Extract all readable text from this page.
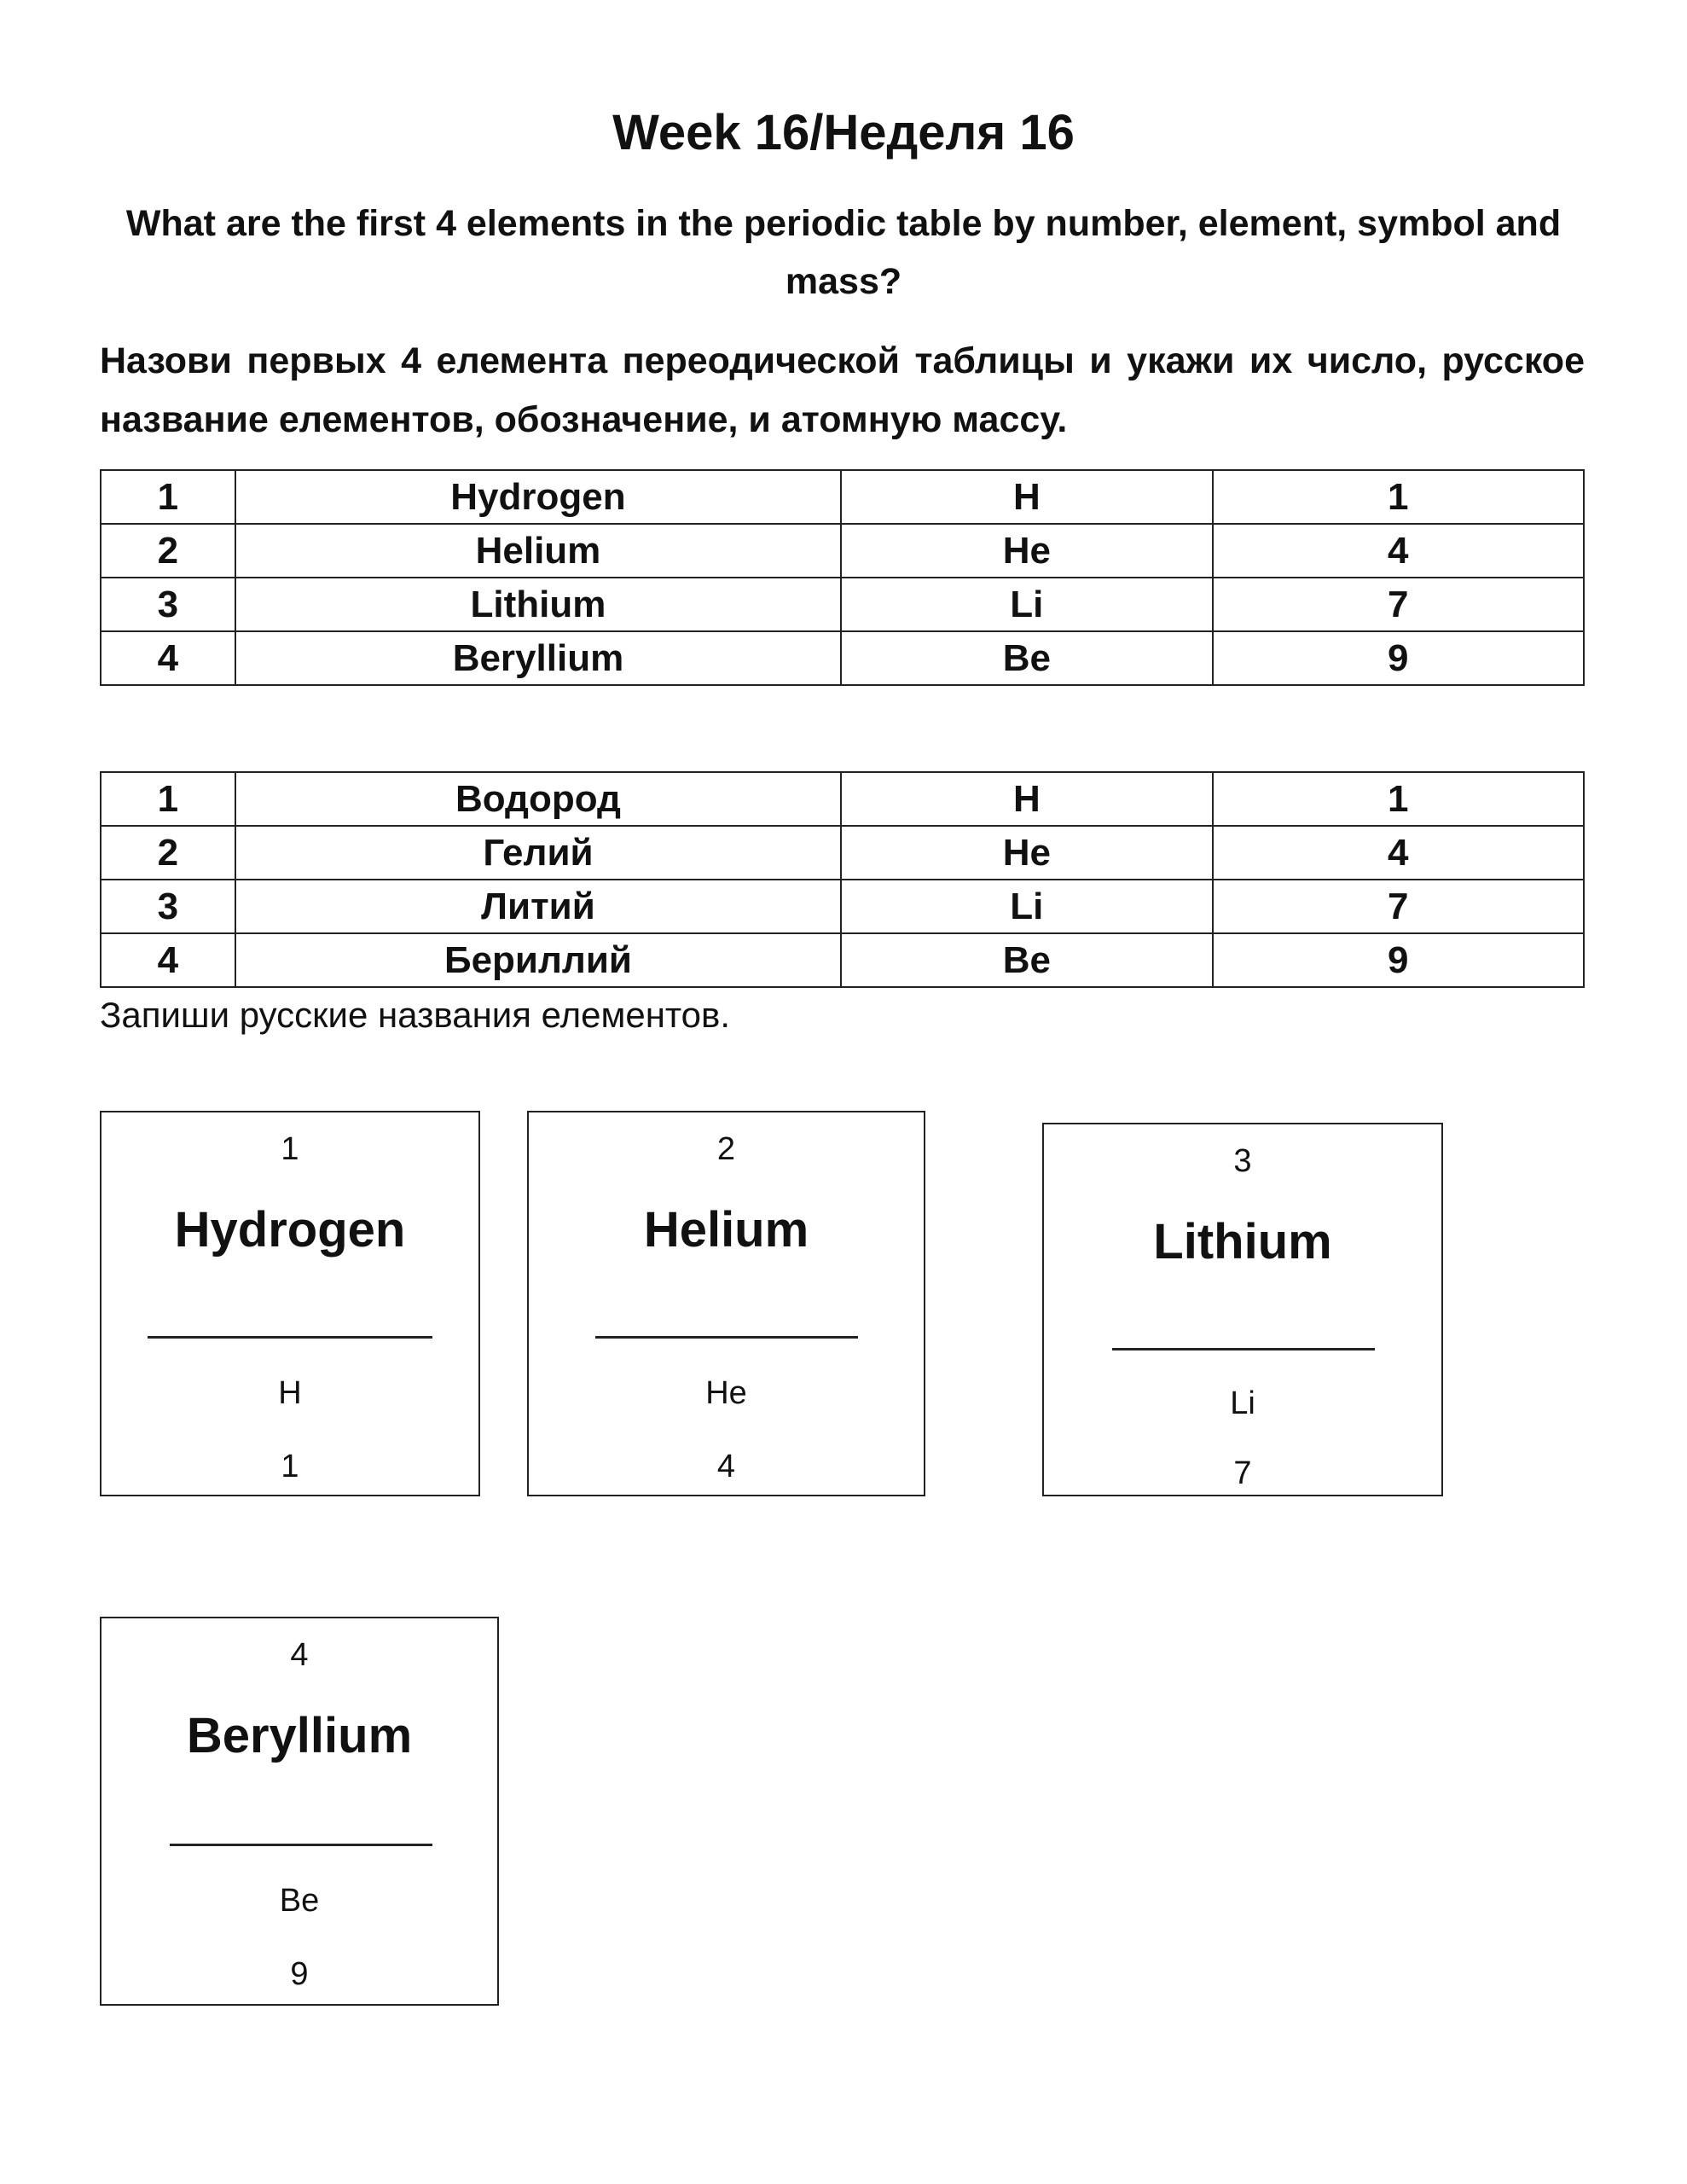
Week 16/Неделя 16
What are the first 4 elements in the periodic table by number, element, symbol and mass?
Назови первых 4 елемента переодической таблицы и укажи их число, русское название елементов, обозначение, и атомную массу.
1	Hydrogen	H	1
2	Helium	He	4
3	Lithium	Li	7
4	Beryllium	Be	9
1	Водород	H	1
2	Гелий	He	4
3	Литий	Li	7
4	Бериллий	Be	9
Запиши русские названия елементов.
1
Hydrogen
H
1
2
Helium
He
4
3
Lithium
Li
7
4
Beryllium
Be
9
